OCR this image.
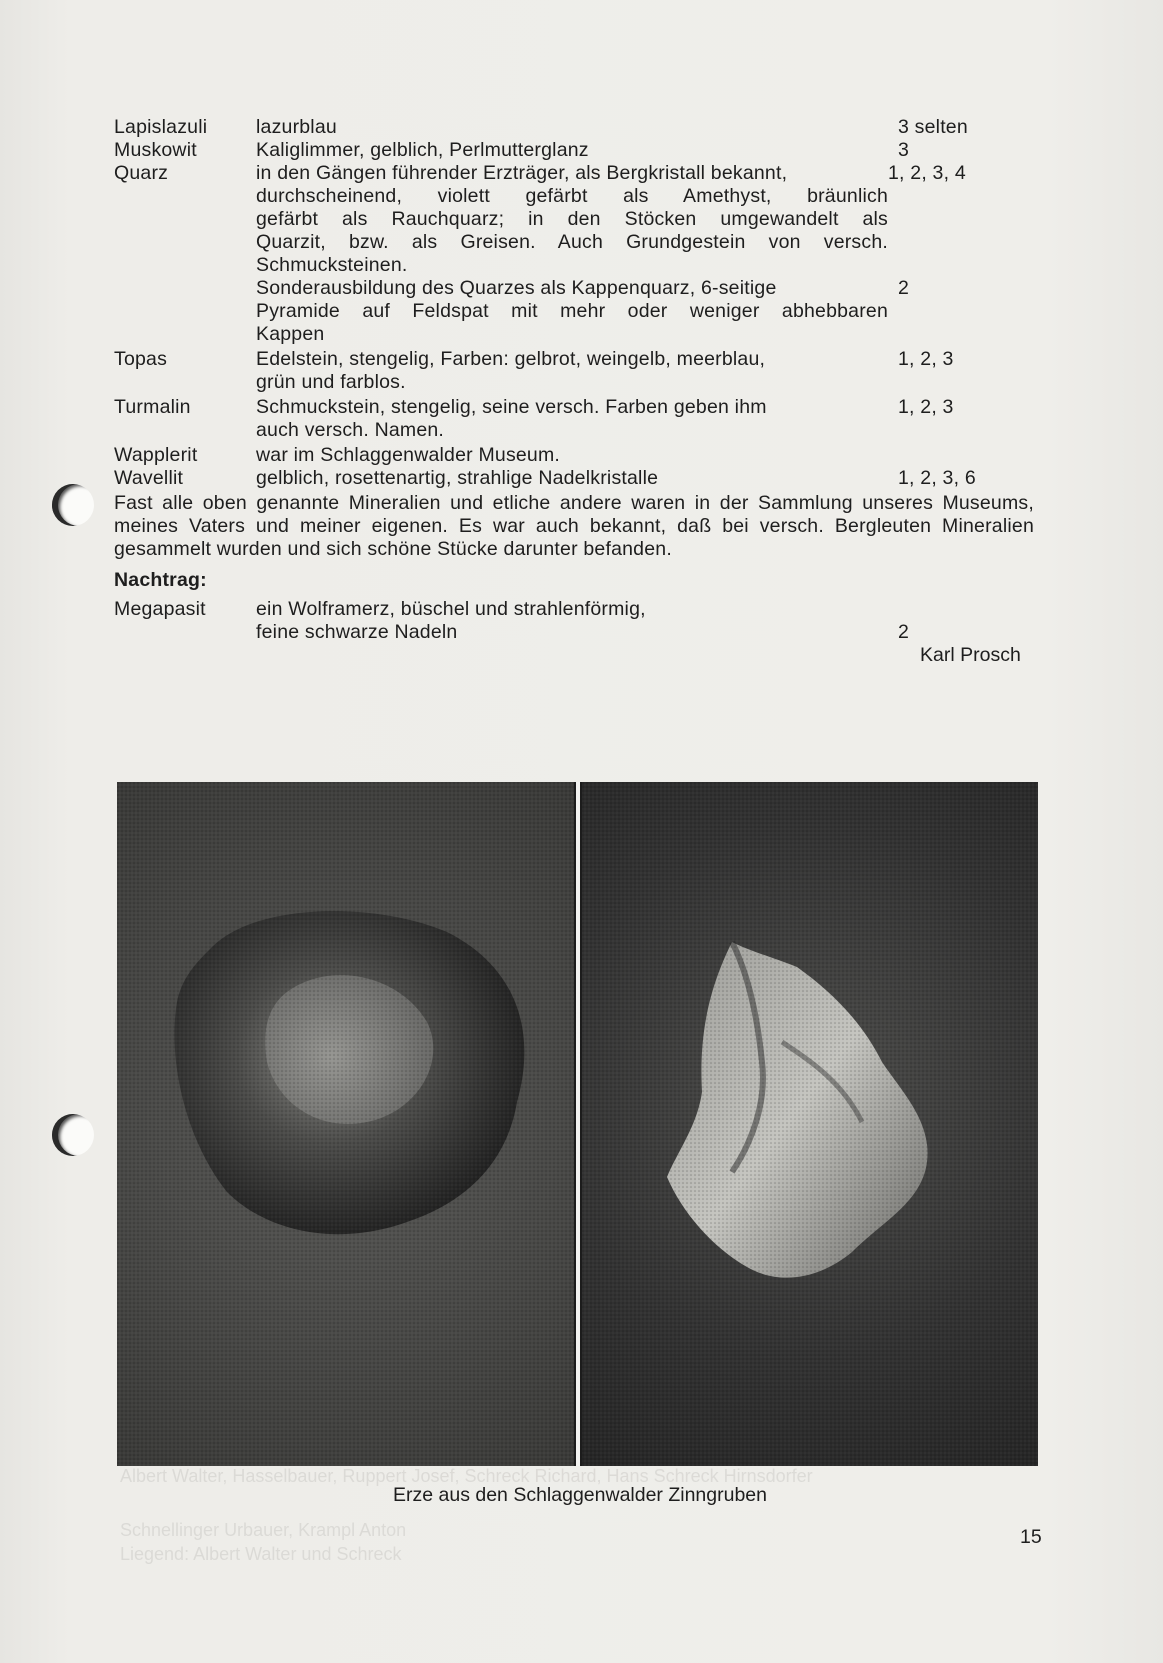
Lapislazuli	lazurblau	3 selten
Muskowit	Kaliglimmer, gelblich, Perlmutterglanz	3
Quarz	in den Gängen führender Erzträger, als Bergkristall bekannt,	1, 2, 3, 4
durchscheinend, violett gefärbt als Amethyst, bräunlich
gefärbt als Rauchquarz; in den Stöcken umgewandelt als
Quarzit, bzw. als Greisen. Auch Grundgestein von versch.
Schmucksteinen.
Sonderausbildung des Quarzes als Kappenquarz, 6-seitige	2
Pyramide auf Feldspat mit mehr oder weniger abhebbaren
Kappen
Topas	Edelstein, stengelig, Farben: gelbrot, weingelb, meerblau,	1, 2, 3
grün und farblos.
Turmalin	Schmuckstein, stengelig, seine versch. Farben geben ihm	1, 2, 3
auch versch. Namen.
Wapplerit	war im Schlaggenwalder Museum.
Wavellit	gelblich, rosettenartig, strahlige Nadelkristalle	1, 2, 3, 6
Fast alle oben genannte Mineralien und etliche andere waren in der Sammlung unseres Museums, meines Vaters und meiner eigenen. Es war auch bekannt, daß bei versch. Bergleuten Mineralien gesammelt wurden und sich schöne Stücke darunter befanden.
Nachtrag:
Megapasit	ein Wolframerz, büschel und strahlenförmig,
feine schwarze Nadeln	2
Karl Prosch
Albert Walter, Hasselbauer, Ruppert Josef, Schreck Richard, Hans Schreck Hirnsdorfer
Schnellinger Urbauer, Krampl Anton
Liegend: Albert Walter und Schreck
Erze aus den Schlaggenwalder Zinngruben
15
